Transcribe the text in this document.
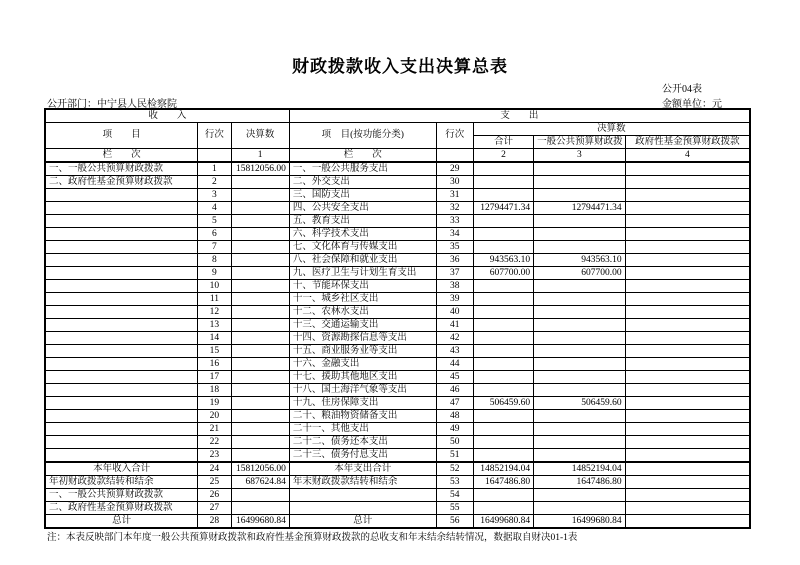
财政拨款收入支出决算总表
公开04表
公开部门：中宁县人民检察院	金额单位：元
收　　入			支　　出				
项　　目	行次	决算数	项　目(按功能分类)	行次	决算数		
					合计	一般公共预算财政拨	政府性基金预算财政拨款
栏　　次		1	栏　　次		2	3	4
一、一般公共预算财政拨款	1	15812056.00	一、一般公共服务支出	29			
二、政府性基金预算财政拨款	2		二、外交支出	30			
	3		三、国防支出	31			
	4		四、公共安全支出	32	12794471.34	12794471.34	
	5		五、教育支出	33			
	6		六、科学技术支出	34			
	7		七、文化体育与传媒支出	35			
	8		八、社会保障和就业支出	36	943563.10	943563.10	
	9		九、医疗卫生与计划生育支出	37	607700.00	607700.00	
	10		十、节能环保支出	38			
	11		十一、城乡社区支出	39			
	12		十二、农林水支出	40			
	13		十三、交通运输支出	41			
	14		十四、资源勘探信息等支出	42			
	15		十五、商业服务业等支出	43			
	16		十六、金融支出	44			
	17		十七、援助其他地区支出	45			
	18		十八、国土海洋气象等支出	46			
	19		十九、住房保障支出	47	506459.60	506459.60	
	20		二十、粮油物资储备支出	48			
	21		二十一、其他支出	49			
	22		二十二、债务还本支出	50			
	23		二十三、债务付息支出	51			
本年收入合计	24	15812056.00	本年支出合计	52	14852194.04	14852194.04	
年初财政拨款结转和结余	25	687624.84	年末财政拨款结转和结余	53	1647486.80	1647486.80	
一、一般公共预算财政拨款	26			54			
二、政府性基金预算财政拨款	27			55			
总计	28	16499680.84	总计	56	16499680.84	16499680.84	
注：本表反映部门本年度一般公共预算财政拨款和政府性基金预算财政拨款的总收支和年末结余结转情况，数据取自财决01-1表
